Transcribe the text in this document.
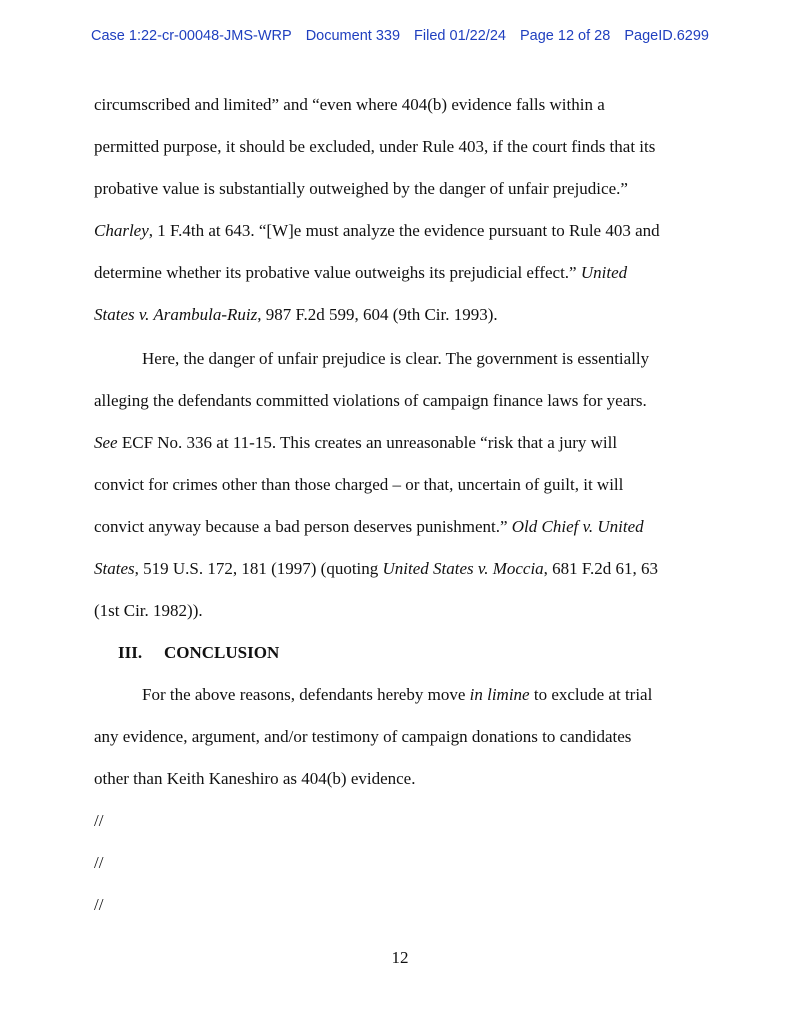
Case 1:22-cr-00048-JMS-WRP Document 339 Filed 01/22/24 Page 12 of 28 PageID.6299
circumscribed and limited” and “even where 404(b) evidence falls within a
permitted purpose, it should be excluded, under Rule 403, if the court finds that its
probative value is substantially outweighed by the danger of unfair prejudice.”
Charley, 1 F.4th at 643. “[W]e must analyze the evidence pursuant to Rule 403 and
determine whether its probative value outweighs its prejudicial effect.” United
States v. Arambula-Ruiz, 987 F.2d 599, 604 (9th Cir. 1993).
Here, the danger of unfair prejudice is clear. The government is essentially
alleging the defendants committed violations of campaign finance laws for years.
See ECF No. 336 at 11-15. This creates an unreasonable “risk that a jury will
convict for crimes other than those charged – or that, uncertain of guilt, it will
convict anyway because a bad person deserves punishment.” Old Chief v. United
States, 519 U.S. 172, 181 (1997) (quoting United States v. Moccia, 681 F.2d 61, 63
(1st Cir. 1982)).
III. CONCLUSION
For the above reasons, defendants hereby move in limine to exclude at trial
any evidence, argument, and/or testimony of campaign donations to candidates
other than Keith Kaneshiro as 404(b) evidence.
//
//
//
12
